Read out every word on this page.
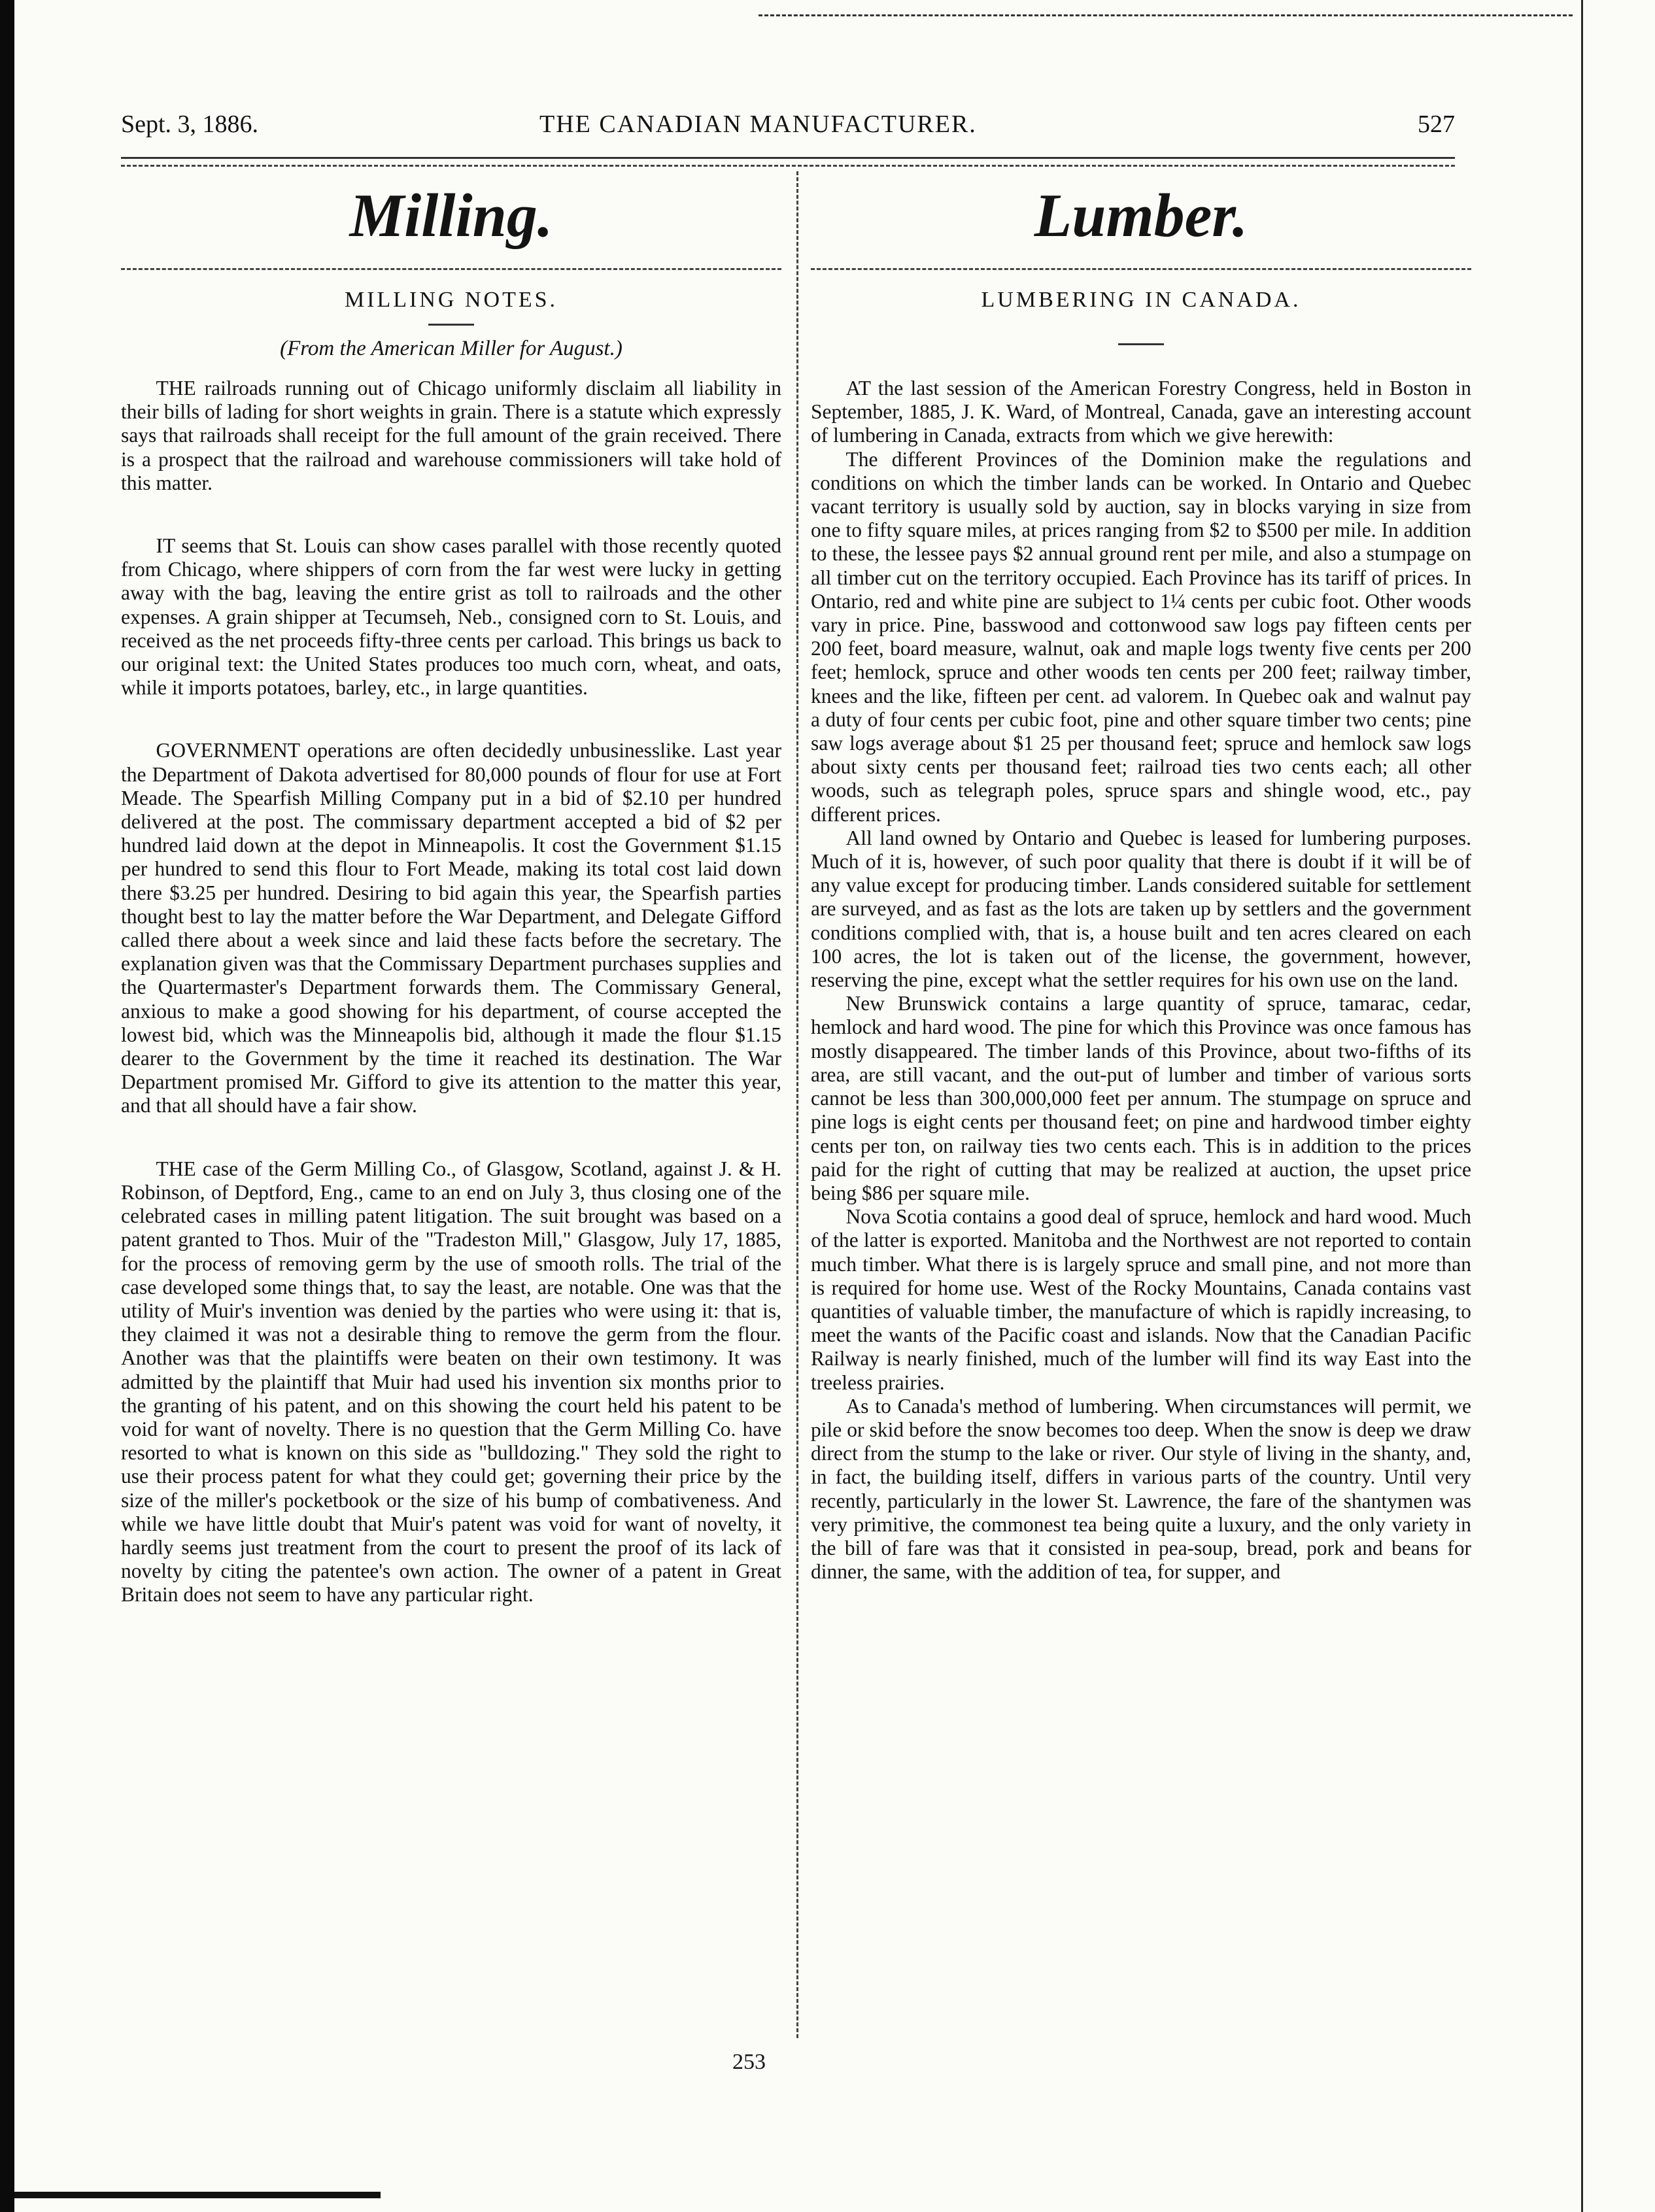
Sept. 3, 1886.	THE CANADIAN MANUFACTURER.	527
Milling.
MILLING NOTES.
(From the American Miller for August.)

THE railroads running out of Chicago uniformly disclaim all liability in their bills of lading for short weights in grain. There is a statute which expressly says that railroads shall receipt for the full amount of the grain received. There is a prospect that the railroad and warehouse commissioners will take hold of this matter.

IT seems that St. Louis can show cases parallel with those recently quoted from Chicago, where shippers of corn from the far west were lucky in getting away with the bag, leaving the entire grist as toll to railroads and the other expenses. A grain shipper at Tecumseh, Neb., consigned corn to St. Louis, and received as the net proceeds fifty-three cents per carload. This brings us back to our original text: the United States produces too much corn, wheat, and oats, while it imports potatoes, barley, etc., in large quantities.

GOVERNMENT operations are often decidedly unbusinesslike. Last year the Department of Dakota advertised for 80,000 pounds of flour for use at Fort Meade. The Spearfish Milling Company put in a bid of $2.10 per hundred delivered at the post. The commissary department accepted a bid of $2 per hundred laid down at the depot in Minneapolis. It cost the Government $1.15 per hundred to send this flour to Fort Meade, making its total cost laid down there $3.25 per hundred. Desiring to bid again this year, the Spearfish parties thought best to lay the matter before the War Department, and Delegate Gifford called there about a week since and laid these facts before the secretary. The explanation given was that the Commissary Department purchases supplies and the Quartermaster's Department forwards them. The Commissary General, anxious to make a good showing for his department, of course accepted the lowest bid, which was the Minneapolis bid, although it made the flour $1.15 dearer to the Government by the time it reached its destination. The War Department promised Mr. Gifford to give its attention to the matter this year, and that all should have a fair show.

THE case of the Germ Milling Co., of Glasgow, Scotland, against J. & H. Robinson, of Deptford, Eng., came to an end on July 3, thus closing one of the celebrated cases in milling patent litigation. The suit brought was based on a patent granted to Thos. Muir of the "Tradeston Mill," Glasgow, July 17, 1885, for the process of removing germ by the use of smooth rolls. The trial of the case developed some things that, to say the least, are notable. One was that the utility of Muir's invention was denied by the parties who were using it: that is, they claimed it was not a desirable thing to remove the germ from the flour. Another was that the plaintiffs were beaten on their own testimony. It was admitted by the plaintiff that Muir had used his invention six months prior to the granting of his patent, and on this showing the court held his patent to be void for want of novelty. There is no question that the Germ Milling Co. have resorted to what is known on this side as "bulldozing." They sold the right to use their process patent for what they could get; governing their price by the size of the miller's pocketbook or the size of his bump of combativeness. And while we have little doubt that Muir's patent was void for want of novelty, it hardly seems just treatment from the court to present the proof of its lack of novelty by citing the patentee's own action. The owner of a patent in Great Britain does not seem to have any particular right.

Lumber.
LUMBERING IN CANADA.

AT the last session of the American Forestry Congress, held in Boston in September, 1885, J. K. Ward, of Montreal, Canada, gave an interesting account of lumbering in Canada, extracts from which we give herewith:

The different Provinces of the Dominion make the regulations and conditions on which the timber lands can be worked. In Ontario and Quebec vacant territory is usually sold by auction, say in blocks varying in size from one to fifty square miles, at prices ranging from $2 to $500 per mile. In addition to these, the lessee pays $2 annual ground rent per mile, and also a stumpage on all timber cut on the territory occupied. Each Province has its tariff of prices. In Ontario, red and white pine are subject to 1¼ cents per cubic foot. Other woods vary in price. Pine, basswood and cottonwood saw logs pay fifteen cents per 200 feet, board measure, walnut, oak and maple logs twenty five cents per 200 feet; hemlock, spruce and other woods ten cents per 200 feet; railway timber, knees and the like, fifteen per cent. ad valorem. In Quebec oak and walnut pay a duty of four cents per cubic foot, pine and other square timber two cents; pine saw logs average about $1 25 per thousand feet; spruce and hemlock saw logs about sixty cents per thousand feet; railroad ties two cents each; all other woods, such as telegraph poles, spruce spars and shingle wood, etc., pay different prices.

All land owned by Ontario and Quebec is leased for lumbering purposes. Much of it is, however, of such poor quality that there is doubt if it will be of any value except for producing timber. Lands considered suitable for settlement are surveyed, and as fast as the lots are taken up by settlers and the government conditions complied with, that is, a house built and ten acres cleared on each 100 acres, the lot is taken out of the license, the government, however, reserving the pine, except what the settler requires for his own use on the land.

New Brunswick contains a large quantity of spruce, tamarac, cedar, hemlock and hard wood. The pine for which this Province was once famous has mostly disappeared. The timber lands of this Province, about two-fifths of its area, are still vacant, and the out-put of lumber and timber of various sorts cannot be less than 300,000,000 feet per annum. The stumpage on spruce and pine logs is eight cents per thousand feet; on pine and hardwood timber eighty cents per ton, on railway ties two cents each. This is in addition to the prices paid for the right of cutting that may be realized at auction, the upset price being $86 per square mile.

Nova Scotia contains a good deal of spruce, hemlock and hard wood. Much of the latter is exported. Manitoba and the Northwest are not reported to contain much timber. What there is is largely spruce and small pine, and not more than is required for home use. West of the Rocky Mountains, Canada contains vast quantities of valuable timber, the manufacture of which is rapidly increasing, to meet the wants of the Pacific coast and islands. Now that the Canadian Pacific Railway is nearly finished, much of the lumber will find its way East into the treeless prairies.

As to Canada's method of lumbering. When circumstances will permit, we pile or skid before the snow becomes too deep. When the snow is deep we draw direct from the stump to the lake or river. Our style of living in the shanty, and, in fact, the building itself, differs in various parts of the country. Until very recently, particularly in the lower St. Lawrence, the fare of the shantymen was very primitive, the commonest tea being quite a luxury, and the only variety in the bill of fare was that it consisted in pea-soup, bread, pork and beans for dinner, the same, with the addition of tea, for supper, and

253
